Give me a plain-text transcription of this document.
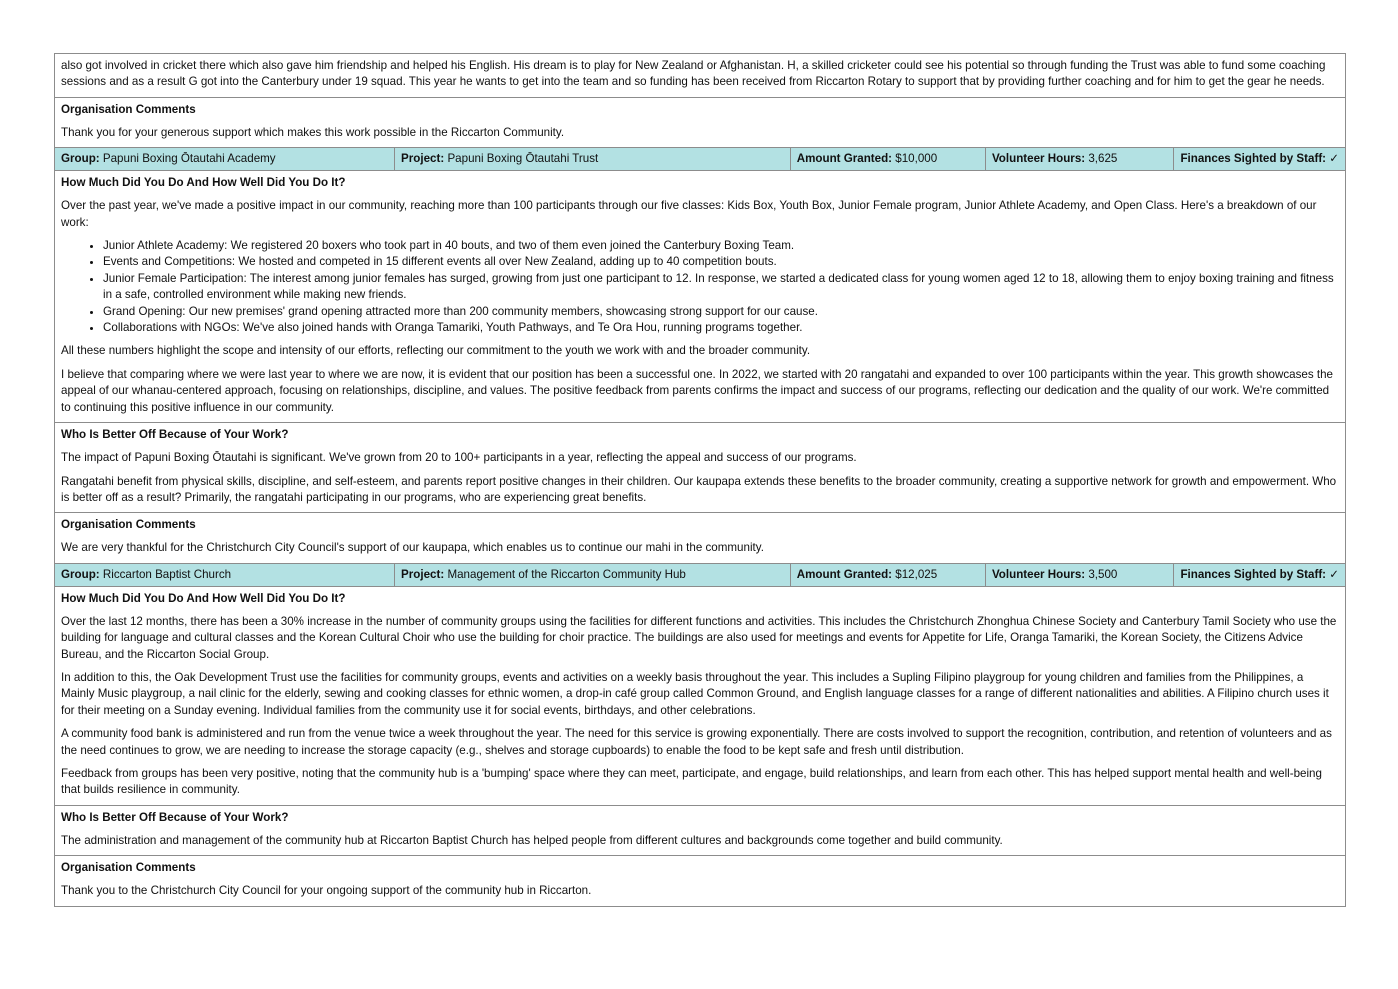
also got involved in cricket there which also gave him friendship and helped his English. His dream is to play for New Zealand or Afghanistan. H, a skilled cricketer could see his potential so through funding the Trust was able to fund some coaching sessions and as a result G got into the Canterbury under 19 squad. This year he wants to get into the team and so funding has been received from Riccarton Rotary to support that by providing further coaching and for him to get the gear he needs.

Organisation Comments

Thank you for your generous support which makes this work possible in the Riccarton Community.

Group: Papuni Boxing Ōtautahi Academy	Project: Papuni Boxing Ōtautahi Trust	Amount Granted: $10,000	Volunteer Hours: 3,625	Finances Sighted by Staff: ✓
How Much Did You Do And How Well Did You Do It?

Over the past year, we've made a positive impact in our community, reaching more than 100 participants through our five classes: Kids Box, Youth Box, Junior Female program, Junior Athlete Academy, and Open Class. Here's a breakdown of our work:

• Junior Athlete Academy: We registered 20 boxers who took part in 40 bouts, and two of them even joined the Canterbury Boxing Team.
• Events and Competitions: We hosted and competed in 15 different events all over New Zealand, adding up to 40 competition bouts.
• Junior Female Participation: The interest among junior females has surged, growing from just one participant to 12. In response, we started a dedicated class for young women aged 12 to 18, allowing them to enjoy boxing training and fitness in a safe, controlled environment while making new friends.
• Grand Opening: Our new premises' grand opening attracted more than 200 community members, showcasing strong support for our cause.
• Collaborations with NGOs: We've also joined hands with Oranga Tamariki, Youth Pathways, and Te Ora Hou, running programs together.

All these numbers highlight the scope and intensity of our efforts, reflecting our commitment to the youth we work with and the broader community.

I believe that comparing where we were last year to where we are now, it is evident that our position has been a successful one. In 2022, we started with 20 rangatahi and expanded to over 100 participants within the year. This growth showcases the appeal of our whanau-centered approach, focusing on relationships, discipline, and values. The positive feedback from parents confirms the impact and success of our programs, reflecting our dedication and the quality of our work. We're committed to continuing this positive influence in our community.

Who Is Better Off Because of Your Work?

The impact of Papuni Boxing Ōtautahi is significant. We've grown from 20 to 100+ participants in a year, reflecting the appeal and success of our programs.

Rangatahi benefit from physical skills, discipline, and self-esteem, and parents report positive changes in their children. Our kaupapa extends these benefits to the broader community, creating a supportive network for growth and empowerment. Who is better off as a result? Primarily, the rangatahi participating in our programs, who are experiencing great benefits.

Organisation Comments

We are very thankful for the Christchurch City Council's support of our kaupapa, which enables us to continue our mahi in the community.

Group: Riccarton Baptist Church	Project: Management of the Riccarton Community Hub	Amount Granted: $12,025	Volunteer Hours: 3,500	Finances Sighted by Staff: ✓
How Much Did You Do And How Well Did You Do It?

Over the last 12 months, there has been a 30% increase in the number of community groups using the facilities for different functions and activities. This includes the Christchurch Zhonghua Chinese Society and Canterbury Tamil Society who use the building for language and cultural classes and the Korean Cultural Choir who use the building for choir practice. The buildings are also used for meetings and events for Appetite for Life, Oranga Tamariki, the Korean Society, the Citizens Advice Bureau, and the Riccarton Social Group.

In addition to this, the Oak Development Trust use the facilities for community groups, events and activities on a weekly basis throughout the year. This includes a Supling Filipino playgroup for young children and families from the Philippines, a Mainly Music playgroup, a nail clinic for the elderly, sewing and cooking classes for ethnic women, a drop-in café group called Common Ground, and English language classes for a range of different nationalities and abilities. A Filipino church uses it for their meeting on a Sunday evening. Individual families from the community use it for social events, birthdays, and other celebrations.

A community food bank is administered and run from the venue twice a week throughout the year. The need for this service is growing exponentially. There are costs involved to support the recognition, contribution, and retention of volunteers and as the need continues to grow, we are needing to increase the storage capacity (e.g., shelves and storage cupboards) to enable the food to be kept safe and fresh until distribution.

Feedback from groups has been very positive, noting that the community hub is a 'bumping' space where they can meet, participate, and engage, build relationships, and learn from each other. This has helped support mental health and well-being that builds resilience in community.

Who Is Better Off Because of Your Work?

The administration and management of the community hub at Riccarton Baptist Church has helped people from different cultures and backgrounds come together and build community.

Organisation Comments

Thank you to the Christchurch City Council for your ongoing support of the community hub in Riccarton.
